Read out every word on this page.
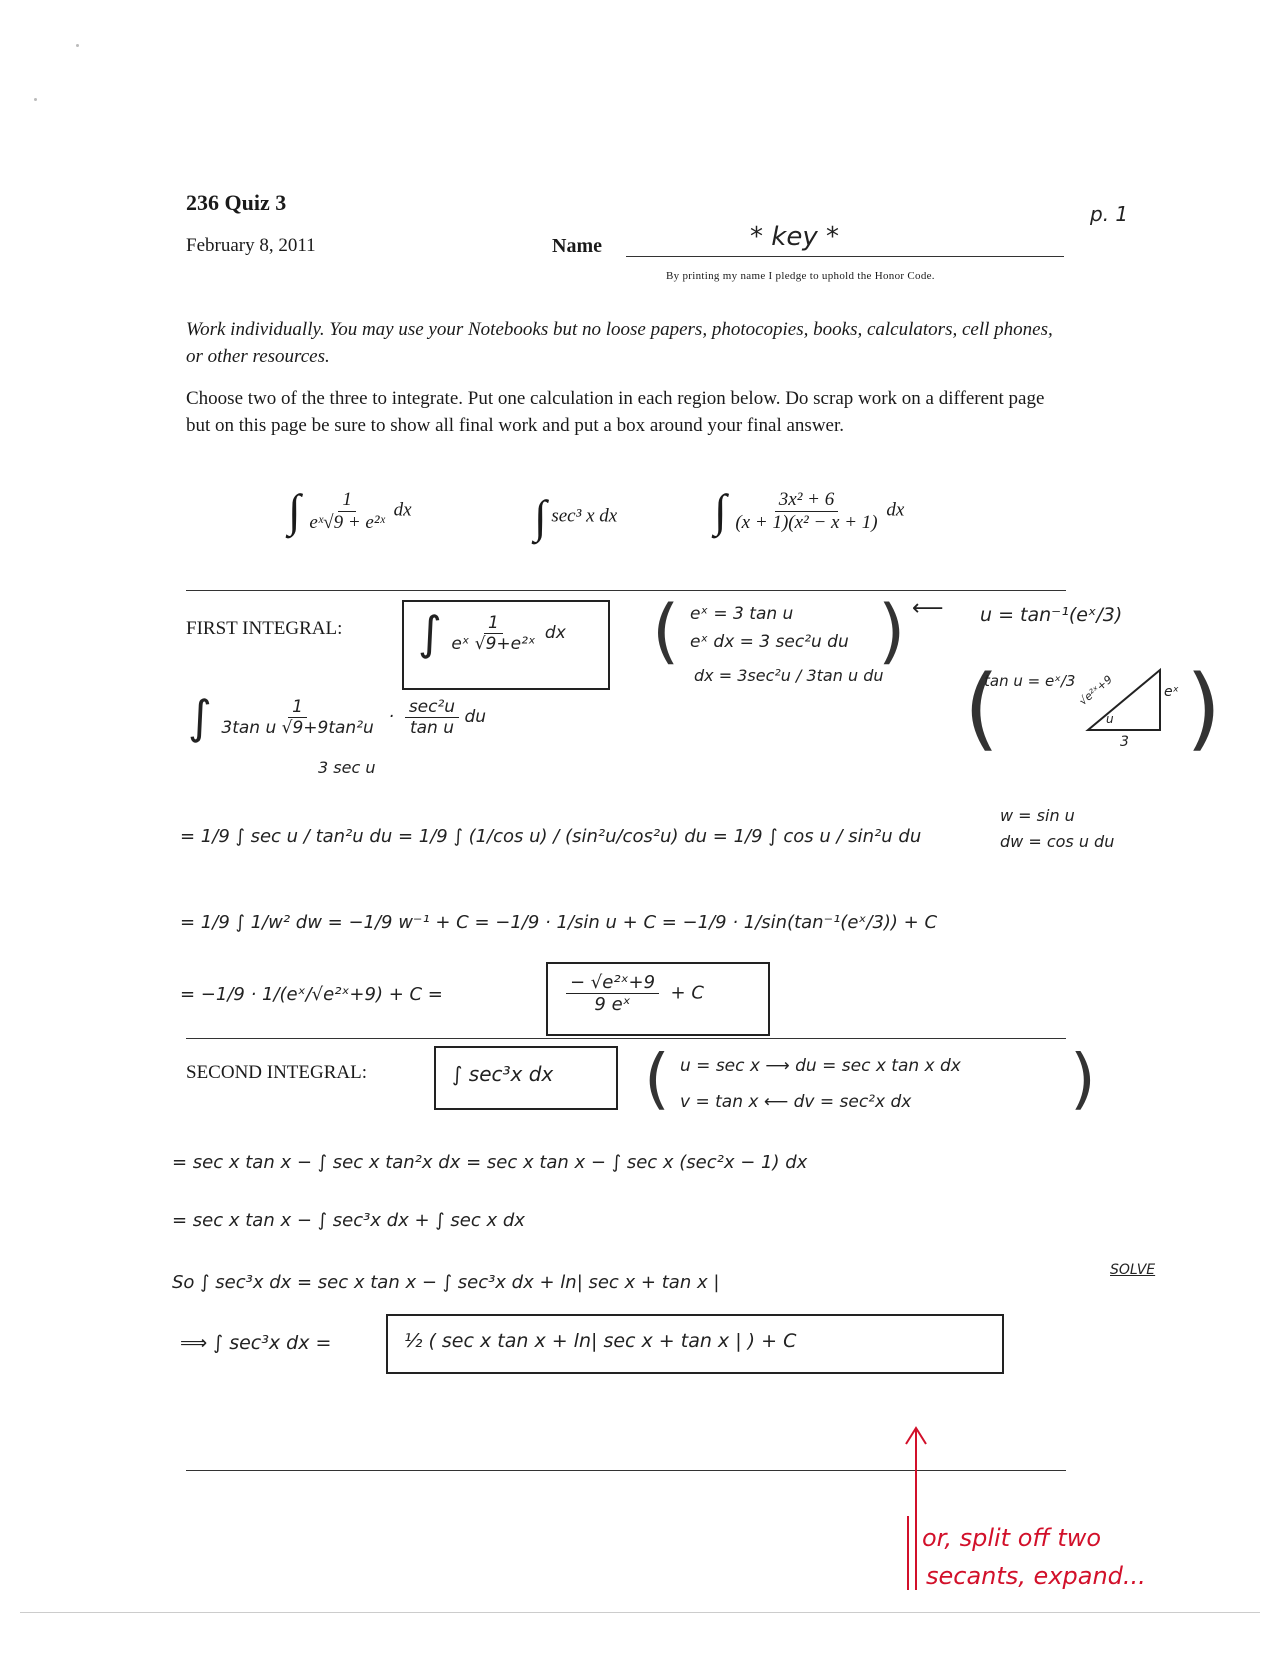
236 Quiz 3
February 8, 2011	Name	* key *
By printing my name I pledge to uphold the Honor Code.
p. 1
Work individually. You may use your Notebooks but no loose papers, photocopies, books, calculators, cell phones, or other resources.
Choose two of the three to integrate. Put one calculation in each region below. Do scrap work on a different page but on this page be sure to show all final work and put a box around your final answer.
∫ $\frac{1}{\text{eˣ√9 + e²ˣ}}$ dx	∫ sec³ x dx ∫ $\frac{\text{3x² + 6}}{\text{(x + 1)(x² − x + 1)}}$ dx
FIRST INTEGRAL: ∫ $\frac{1}{\text{eˣ √9+e²ˣ}}$ dx ( eˣ = 3 tan u
eˣ dx = 3 sec²u du
dx = 3sec²u / 3tan u du
) ⟵ u = tan⁻¹(eˣ/3)
(
tan u = eˣ/3 √e²ˣ+9	eˣ
3
u )
∫ $\frac{1}{\text{3tan u √9+9tan²u}} \cdot \frac{\text{sec²u}}{\text{tan u}}$ du
3 sec u
= 1/9 ∫ sec u / tan²u du = 1/9 ∫ (1/cos u) / (sin²u/cos²u) du = 1/9 ∫ cos u / sin²u du
w = sin u
dw = cos u du
= 1/9 ∫ 1/w² dw = −1/9 w⁻¹ + C = −1/9 · 1/sin u + C = −1/9 · 1/sin(tan⁻¹(eˣ/3)) + C
= −1/9 · 1/(eˣ/√e²ˣ+9) + C =	$\frac{\text{− √e²ˣ+9}}{\text{9 eˣ}} + C$
SECOND INTEGRAL:	∫ sec³x dx ( u = sec x ⟶ du = sec x tan x dx
v = tan x ⟵ dv = sec²x dx )
= sec x tan x − ∫ sec x tan²x dx = sec x tan x − ∫ sec x (sec²x − 1) dx
= sec x tan x − ∫ sec³x dx + ∫ sec x dx
So ∫ sec³x dx = sec x tan x − ∫ sec³x dx + ln| sec x + tan x |
SOLVE
⟹ ∫ sec³x dx =	½ ( sec x tan x + ln| sec x + tan x | ) + C
or, split off two
secants, expand...
